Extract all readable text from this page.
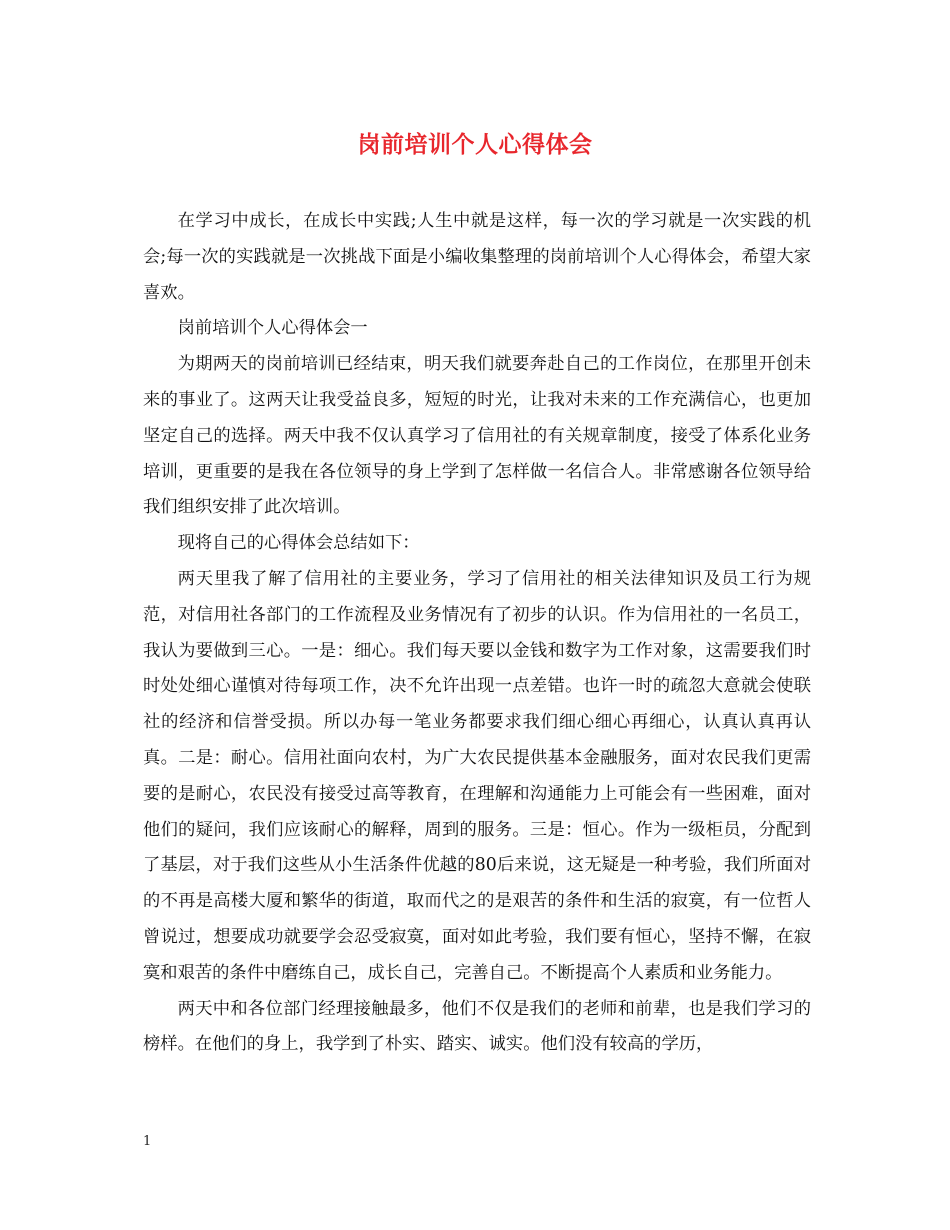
岗前培训个人心得体会

在学习中成长，在成长中实践;人生中就是这样，每一次的学习就是一次实践的机会;每一次的实践就是一次挑战下面是小编收集整理的岗前培训个人心得体会，希望大家喜欢。

岗前培训个人心得体会一

为期两天的岗前培训已经结束，明天我们就要奔赴自己的工作岗位，在那里开创未来的事业了。这两天让我受益良多，短短的时光，让我对未来的工作充满信心，也更加坚定自己的选择。两天中我不仅认真学习了信用社的有关规章制度，接受了体系化业务培训，更重要的是我在各位领导的身上学到了怎样做一名信合人。非常感谢各位领导给我们组织安排了此次培训。

现将自己的心得体会总结如下：

两天里我了解了信用社的主要业务，学习了信用社的相关法律知识及员工行为规范，对信用社各部门的工作流程及业务情况有了初步的认识。作为信用社的一名员工，我认为要做到三心。一是：细心。我们每天要以金钱和数字为工作对象，这需要我们时时处处细心谨慎对待每项工作，决不允许出现一点差错。也许一时的疏忽大意就会使联社的经济和信誉受损。所以办每一笔业务都要求我们细心细心再细心，认真认真再认真。二是：耐心。信用社面向农村，为广大农民提供基本金融服务，面对农民我们更需要的是耐心，农民没有接受过高等教育，在理解和沟通能力上可能会有一些困难，面对他们的疑问，我们应该耐心的解释，周到的服务。三是：恒心。作为一级柜员，分配到了基层，对于我们这些从小生活条件优越的80后来说，这无疑是一种考验，我们所面对的不再是高楼大厦和繁华的街道，取而代之的是艰苦的条件和生活的寂寞，有一位哲人曾说过，想要成功就要学会忍受寂寞，面对如此考验，我们要有恒心，坚持不懈，在寂寞和艰苦的条件中磨练自己，成长自己，完善自己。不断提高个人素质和业务能力。

两天中和各位部门经理接触最多，他们不仅是我们的老师和前辈，也是我们学习的榜样。在他们的身上，我学到了朴实、踏实、诚实。他们没有较高的学历，

1
